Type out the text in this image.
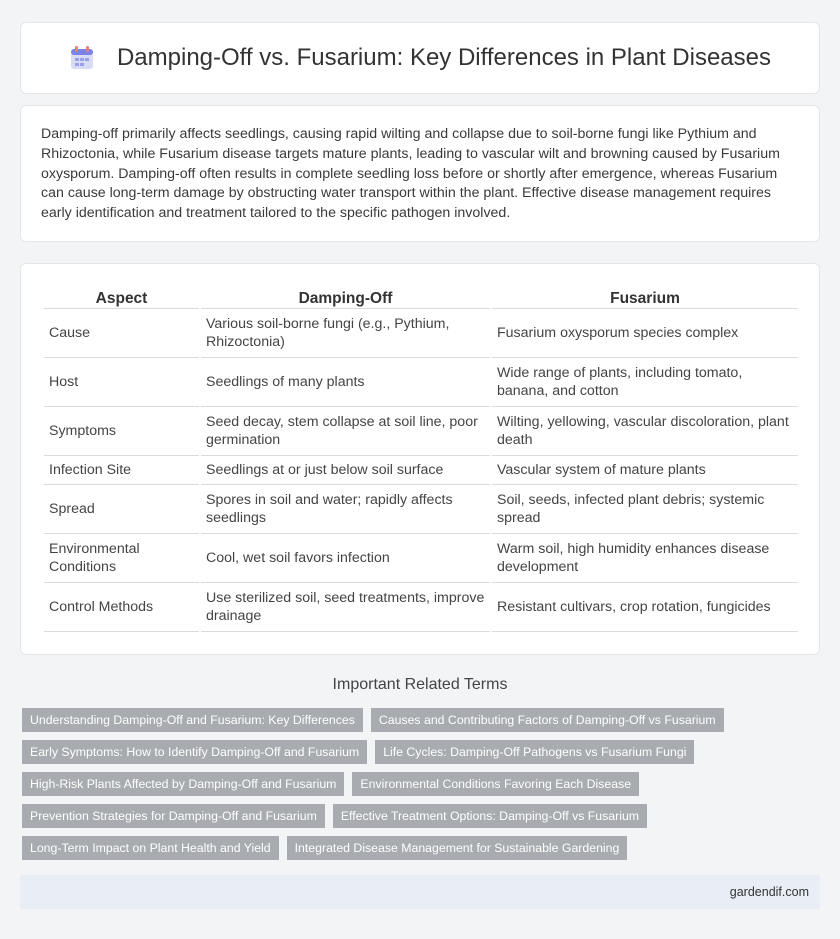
Damping-Off vs. Fusarium: Key Differences in Plant Diseases

Damping-off primarily affects seedlings, causing rapid wilting and collapse due to soil-borne fungi like Pythium and Rhizoctonia, while Fusarium disease targets mature plants, leading to vascular wilt and browning caused by Fusarium oxysporum. Damping-off often results in complete seedling loss before or shortly after emergence, whereas Fusarium can cause long-term damage by obstructing water transport within the plant. Effective disease management requires early identification and treatment tailored to the specific pathogen involved.

Aspect	Damping-Off	Fusarium
Cause	Various soil-borne fungi (e.g., Pythium, Rhizoctonia)	Fusarium oxysporum species complex
Host	Seedlings of many plants	Wide range of plants, including tomato, banana, and cotton
Symptoms	Seed decay, stem collapse at soil line, poor germination	Wilting, yellowing, vascular discoloration, plant death
Infection Site	Seedlings at or just below soil surface	Vascular system of mature plants
Spread	Spores in soil and water; rapidly affects seedlings	Soil, seeds, infected plant debris; systemic spread
Environmental Conditions	Cool, wet soil favors infection	Warm soil, high humidity enhances disease development
Control Methods	Use sterilized soil, seed treatments, improve drainage	Resistant cultivars, crop rotation, fungicides
Important Related Terms
Understanding Damping-Off and Fusarium: Key Differences	Causes and Contributing Factors of Damping-Off vs Fusarium
Early Symptoms: How to Identify Damping-Off and Fusarium	Life Cycles: Damping-Off Pathogens vs Fusarium Fungi
High-Risk Plants Affected by Damping-Off and Fusarium	Environmental Conditions Favoring Each Disease
Prevention Strategies for Damping-Off and Fusarium	Effective Treatment Options: Damping-Off vs Fusarium
Long-Term Impact on Plant Health and Yield	Integrated Disease Management for Sustainable Gardening
gardendif.com
